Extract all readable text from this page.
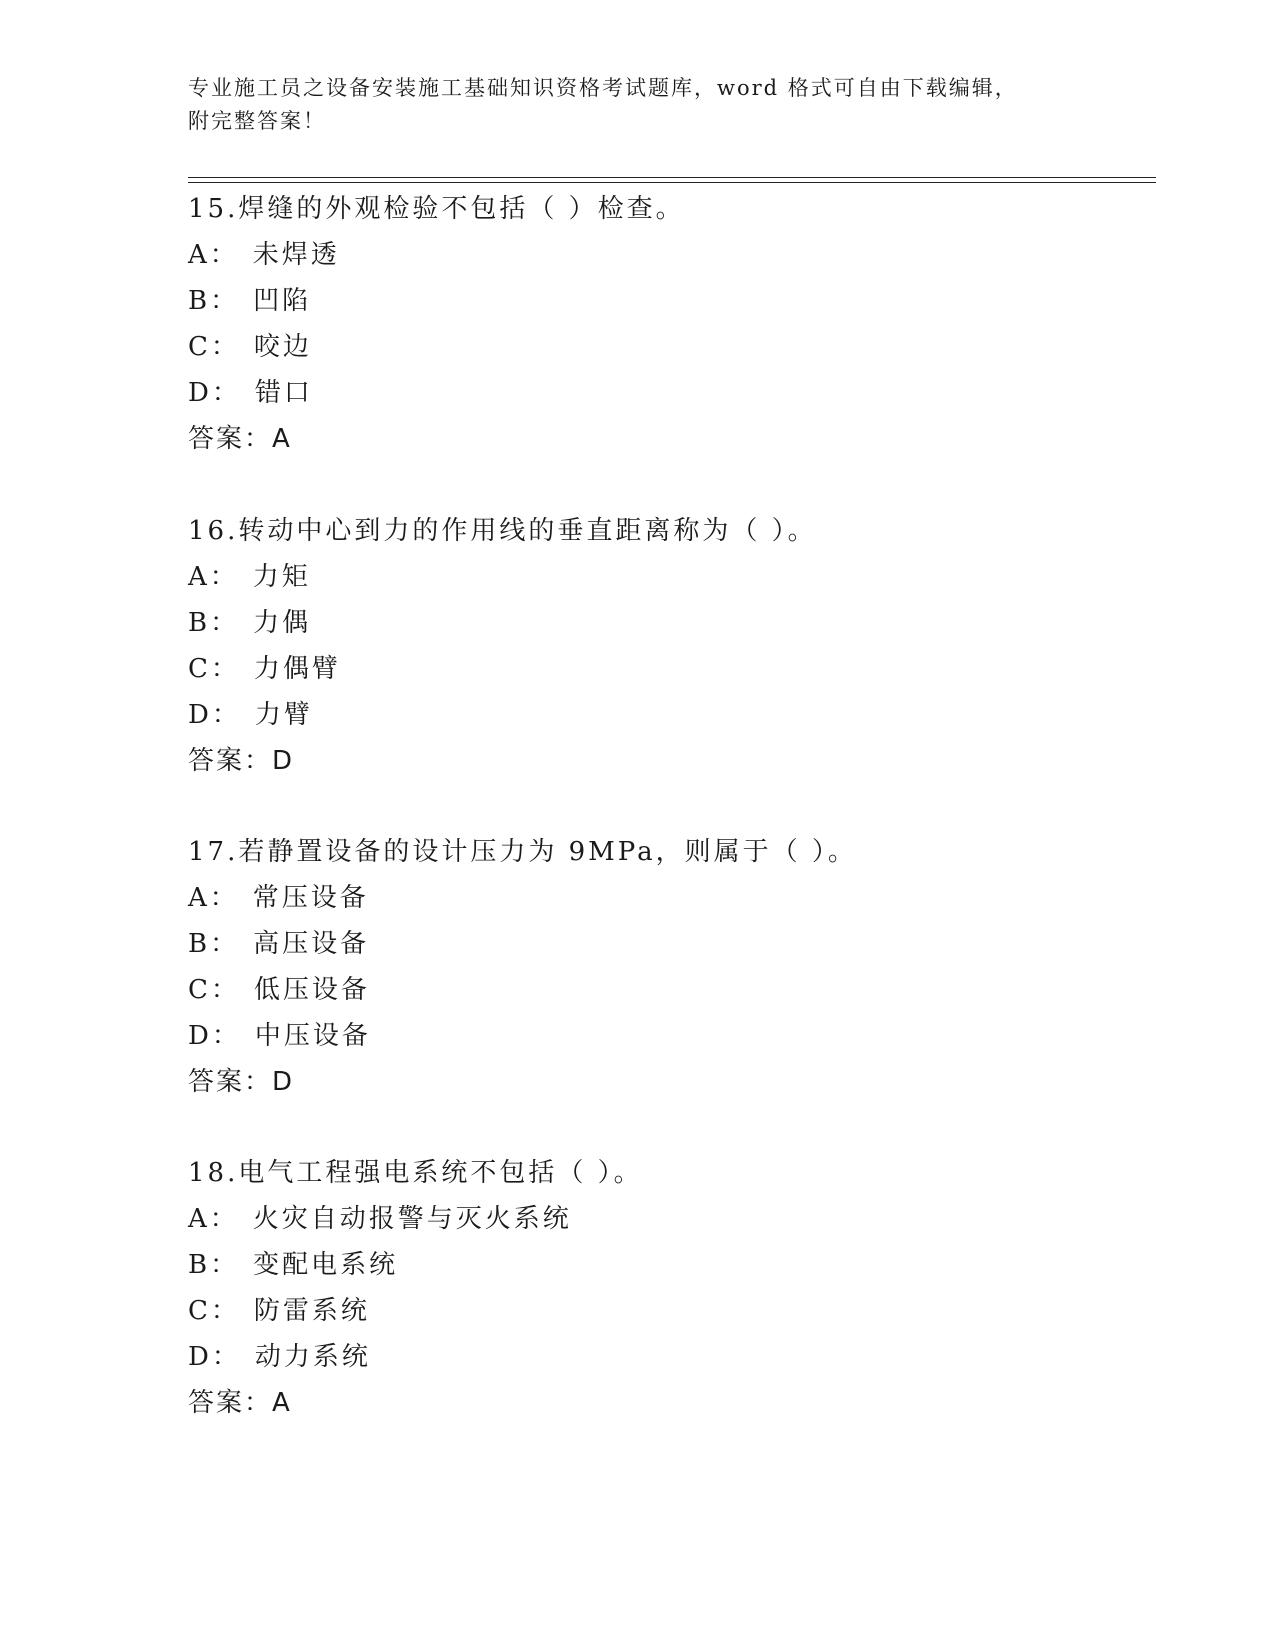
专业施工员之设备安装施工基础知识资格考试题库，word 格式可自由下载编辑，
附完整答案！
15.焊缝的外观检验不包括（ ）检查。
A： 未焊透
B： 凹陷
C： 咬边
D： 错口
答案：A
16.转动中心到力的作用线的垂直距离称为（ ）。
A： 力矩
B： 力偶
C： 力偶臂
D： 力臂
答案：D
17.若静置设备的设计压力为 9MPa，则属于（ ）。
A： 常压设备
B： 高压设备
C： 低压设备
D： 中压设备
答案：D
18.电气工程强电系统不包括（ ）。
A： 火灾自动报警与灭火系统
B： 变配电系统
C： 防雷系统
D： 动力系统
答案：A
